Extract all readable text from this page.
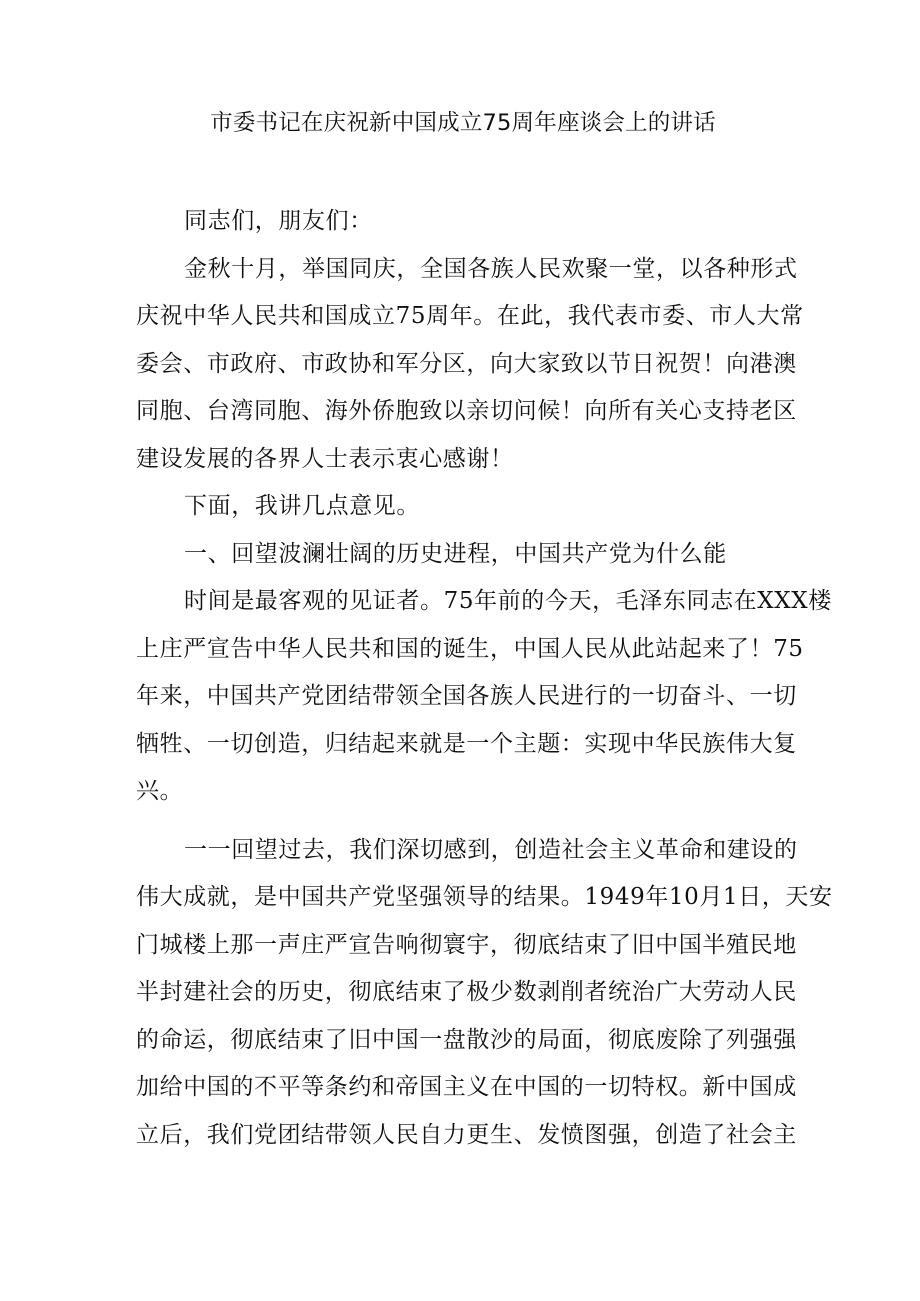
市委书记在庆祝新中国成立75周年座谈会上的讲话
同志们，朋友们：
金秋十月，举国同庆，全国各族人民欢聚一堂，以各种形式
庆祝中华人民共和国成立75周年。在此，我代表市委、市人大常
委会、市政府、市政协和军分区，向大家致以节日祝贺！向港澳
同胞、台湾同胞、海外侨胞致以亲切问候！向所有关心支持老区
建设发展的各界人士表示衷心感谢！
下面，我讲几点意见。
一、回望波澜壮阔的历史进程，中国共产党为什么能
时间是最客观的见证者。75年前的今天，毛泽东同志在XXX楼
上庄严宣告中华人民共和国的诞生，中国人民从此站起来了！75
年来，中国共产党团结带领全国各族人民进行的一切奋斗、一切
牺牲、一切创造，归结起来就是一个主题：实现中华民族伟大复
兴。
一一回望过去，我们深切感到，创造社会主义革命和建设的
伟大成就，是中国共产党坚强领导的结果。1949年10月1日，天安
门城楼上那一声庄严宣告响彻寰宇，彻底结束了旧中国半殖民地
半封建社会的历史，彻底结束了极少数剥削者统治广大劳动人民
的命运，彻底结束了旧中国一盘散沙的局面，彻底废除了列强强
加给中国的不平等条约和帝国主义在中国的一切特权。新中国成
立后，我们党团结带领人民自力更生、发愤图强，创造了社会主
